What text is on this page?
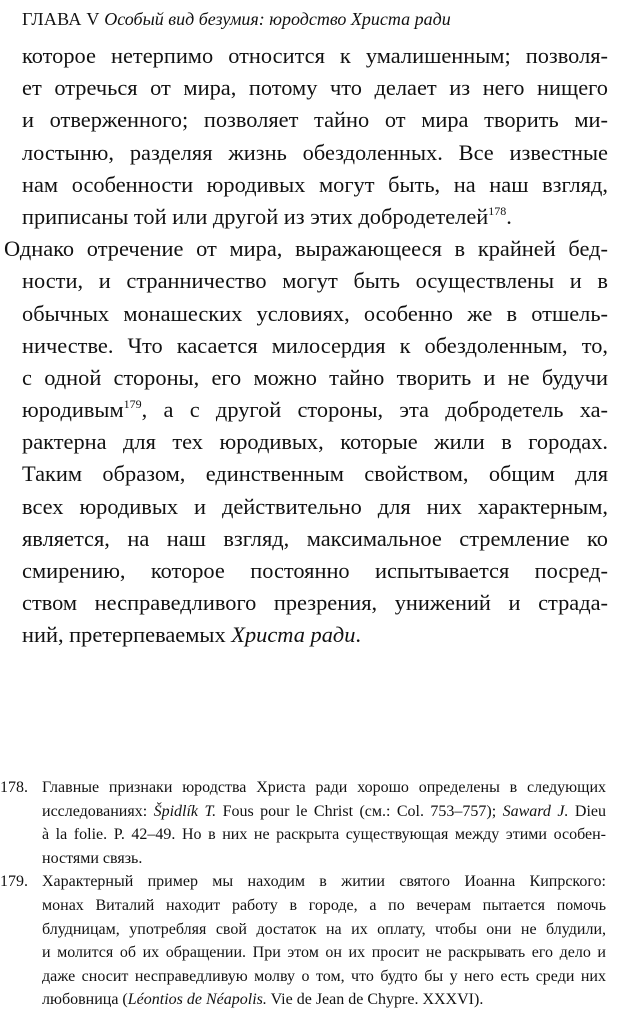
ГЛАВА V Особый вид безумия: юродство Христа ради
которое нетерпимо относится к умалишенным; позволя-
ет отречься от мира, потому что делает из него нищего
и отверженного; позволяет тайно от мира творить ми-
лостыню, разделяя жизнь обездоленных. Все известные
нам особенности юродивых могут быть, на наш взгляд,
приписаны той или другой из этих добродетелей$^{178}$.
Однако отречение от мира, выражающееся в крайней бед-
ности, и странничество могут быть осуществлены и в
обычных монашеских условиях, особенно же в отшель-
ничестве. Что касается милосердия к обездоленным, то,
с одной стороны, его можно тайно творить и не будучи
юродивым$^{179}$, а с другой стороны, эта добродетель ха-
рактерна для тех юродивых, которые жили в городах.
Таким образом, единственным свойством, общим для
всех юродивых и действительно для них характерным,
является, на наш взгляд, максимальное стремление ко
смирению, которое постоянно испытывается посред-
ством несправедливого презрения, унижений и страда-
ний, претерпеваемых Христа ради.
178. Главные признаки юродства Христа ради хорошо определены в следующих
исследованиях: Špidlík T. Fous pour le Christ (см.: Col. 753–757); Saward J. Dieu
à la folie. P. 42–49. Но в них не раскрыта существующая между этими особен-
ностями связь.
179. Характерный пример мы находим в житии святого Иоанна Кипрского:
монах Виталий находит работу в городе, а по вечерам пытается помочь
блудницам, употребляя свой достаток на их оплату, чтобы они не блудили,
и молится об их обращении. При этом он их просит не раскрывать его дело и
даже сносит несправедливую молву о том, что будто бы у него есть среди них
любовница (Léontios de Néapolis. Vie de Jean de Chypre. XXXVI).
